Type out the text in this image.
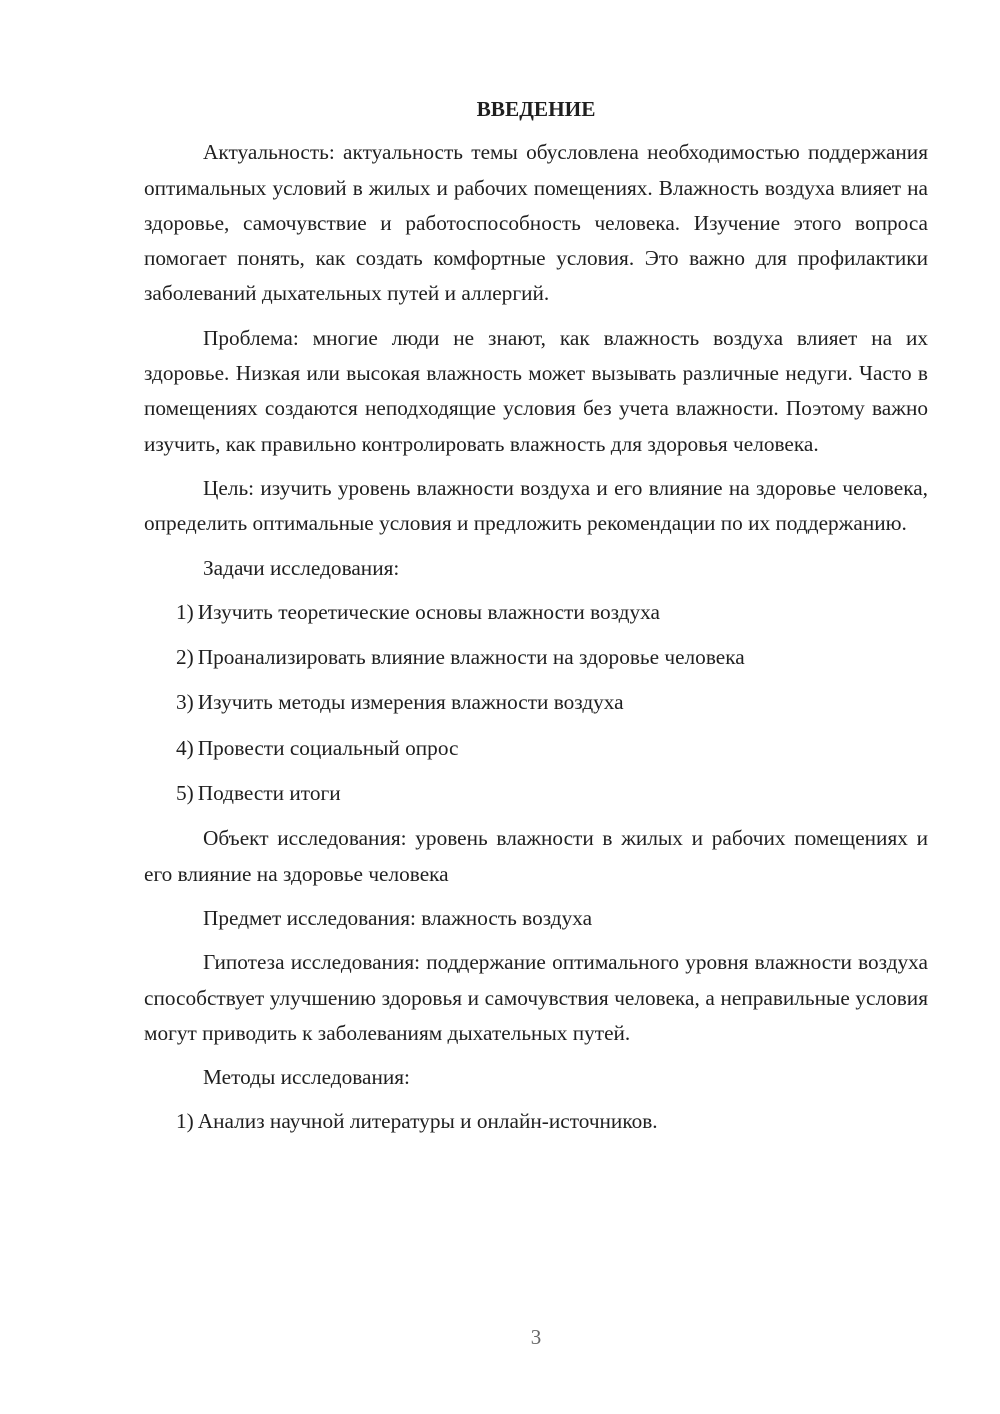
ВВЕДЕНИЕ

Актуальность: актуальность темы обусловлена необходимостью поддержания оптимальных условий в жилых и рабочих помещениях. Влажность воздуха влияет на здоровье, самочувствие и работоспособность человека. Изучение этого вопроса помогает понять, как создать комфортные условия. Это важно для профилактики заболеваний дыхательных путей и аллергий.

Проблема: многие люди не знают, как влажность воздуха влияет на их здоровье. Низкая или высокая влажность может вызывать различные недуги. Часто в помещениях создаются неподходящие условия без учета влажности. Поэтому важно изучить, как правильно контролировать влажность для здоровья человека.

Цель: изучить уровень влажности воздуха и его влияние на здоровье человека, определить оптимальные условия и предложить рекомендации по их поддержанию.

Задачи исследования:

1) Изучить теоретические основы влажности воздуха
2) Проанализировать влияние влажности на здоровье человека
3) Изучить методы измерения влажности воздуха
4) Провести социальный опрос
5) Подвести итоги

Объект исследования: уровень влажности в жилых и рабочих помещениях и его влияние на здоровье человека

Предмет исследования: влажность воздуха

Гипотеза исследования: поддержание оптимального уровня влажности воздуха способствует улучшению здоровья и самочувствия человека, а неправильные условия могут приводить к заболеваниям дыхательных путей.

Методы исследования:

1) Анализ научной литературы и онлайн-источников.
3
